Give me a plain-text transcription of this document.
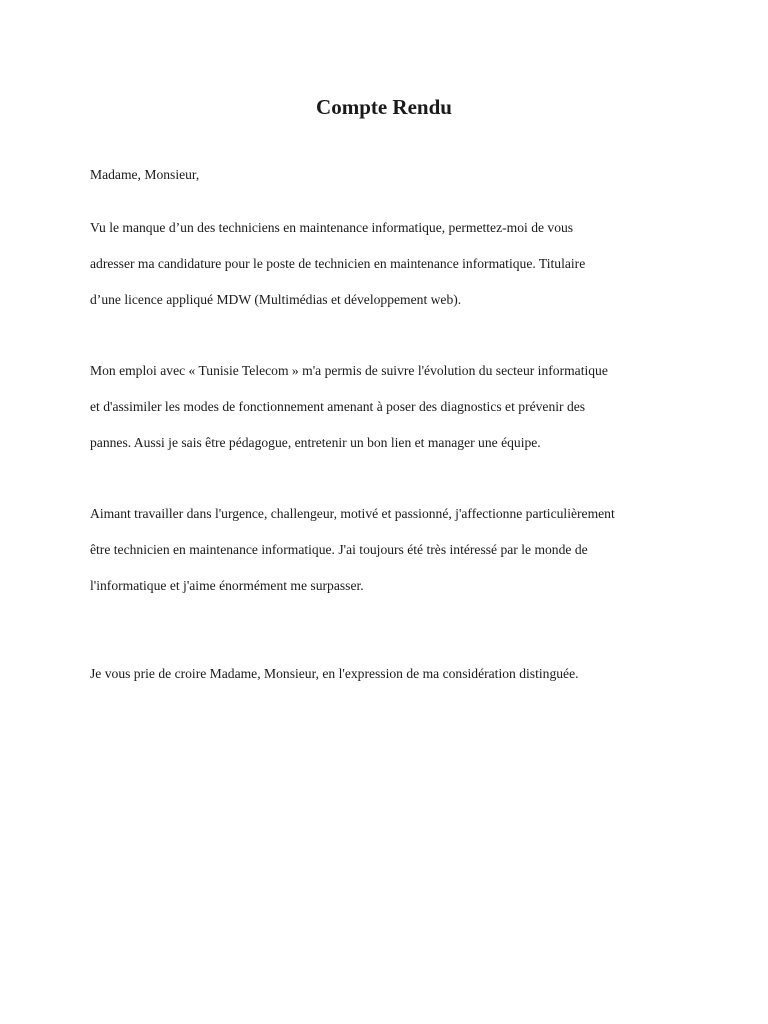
Compte Rendu

Madame, Monsieur,

Vu le manque d’un des techniciens en maintenance informatique, permettez-moi de vous
adresser ma candidature pour le poste de technicien en maintenance informatique. Titulaire
d’une licence appliqué MDW (Multimédias et développement web).

Mon emploi avec « Tunisie Telecom » m'a permis de suivre l'évolution du secteur informatique
et d'assimiler les modes de fonctionnement amenant à poser des diagnostics et prévenir des
pannes. Aussi je sais être pédagogue, entretenir un bon lien et manager une équipe.

Aimant travailler dans l'urgence, challengeur, motivé et passionné, j'affectionne particulièrement
être technicien en maintenance informatique. J'ai toujours été très intéressé par le monde de
l'informatique et j'aime énormément me surpasser.

Je vous prie de croire Madame, Monsieur, en l'expression de ma considération distinguée.
